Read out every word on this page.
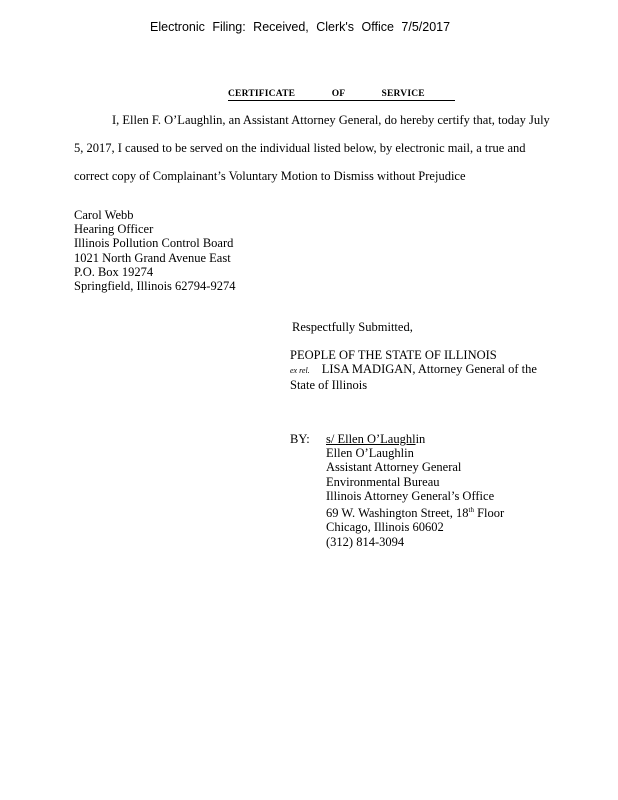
Electronic Filing: Received, Clerk's Office 7/5/2017
CERTIFICATE OF SERVICE
I, Ellen F. O’Laughlin, an Assistant Attorney General, do hereby certify that, today July
5, 2017, I caused to be served on the individual listed below, by electronic mail, a true and
correct copy of Complainant’s Voluntary Motion to Dismiss without Prejudice
Carol Webb
Hearing Officer
Illinois Pollution Control Board
1021 North Grand Avenue East
P.O. Box 19274
Springfield, Illinois 62794-9274
Respectfully Submitted,
PEOPLE OF THE STATE OF ILLINOIS
ex rel. LISA MADIGAN, Attorney General of the
State of Illinois
BY: s/ Ellen O’Laughlin
Ellen O’Laughlin
Assistant Attorney General
Environmental Bureau
Illinois Attorney General’s Office
69 W. Washington Street, 18th Floor
Chicago, Illinois 60602
(312) 814-3094
